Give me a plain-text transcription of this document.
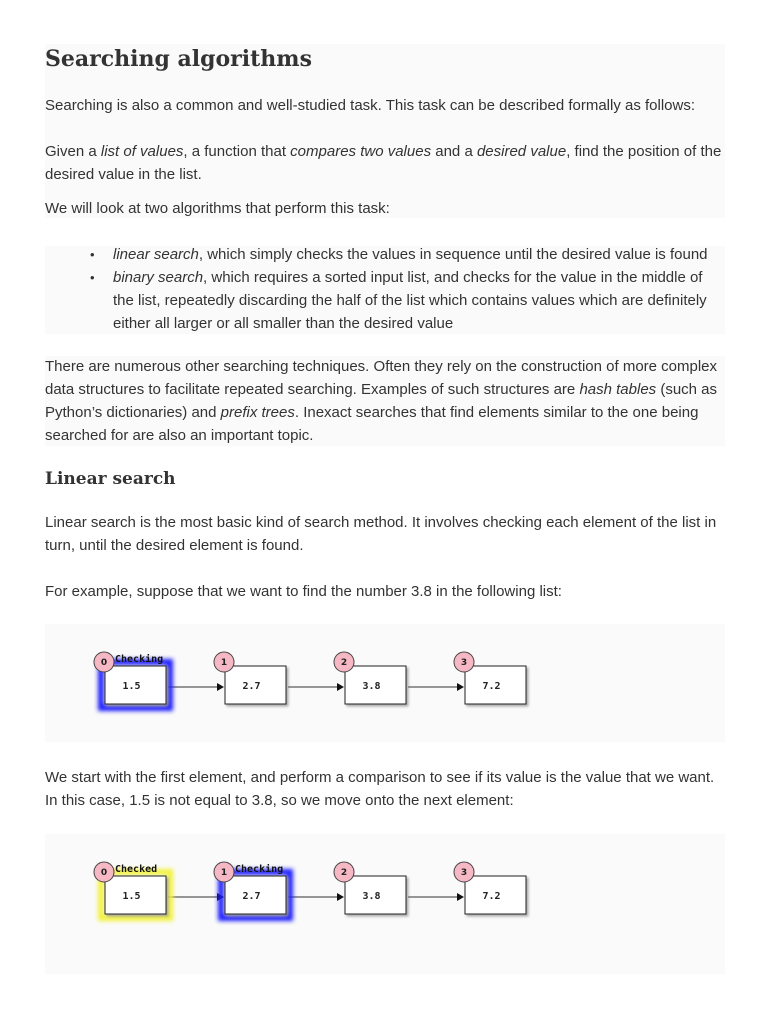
Searching algorithms

Searching is also a common and well-studied task. This task can be described formally as follows:

Given a list of values, a function that compares two values and a desired value, find the position of the desired value in the list.

We will look at two algorithms that perform this task:

• linear search, which simply checks the values in sequence until the desired value is found
• binary search, which requires a sorted input list, and checks for the value in the middle of the list, repeatedly discarding the half of the list which contains values which are definitely either all larger or all smaller than the desired value

There are numerous other searching techniques. Often they rely on the construction of more complex data structures to facilitate repeated searching. Examples of such structures are hash tables (such as Python’s dictionaries) and prefix trees. Inexact searches that find elements similar to the one being searched for are also an important topic.

Linear search

Linear search is the most basic kind of search method. It involves checking each element of the list in turn, until the desired element is found.

For example, suppose that we want to find the number 3.8 in the following list:

1.5
Checking
0
2.7
1
3.8
2
7.2
3

We start with the first element, and perform a comparison to see if its value is the value that we want. In this case, 1.5 is not equal to 3.8, so we move onto the next element:

1.5
Checked
0
2.7
Checking
1
3.8
2
7.2
3
